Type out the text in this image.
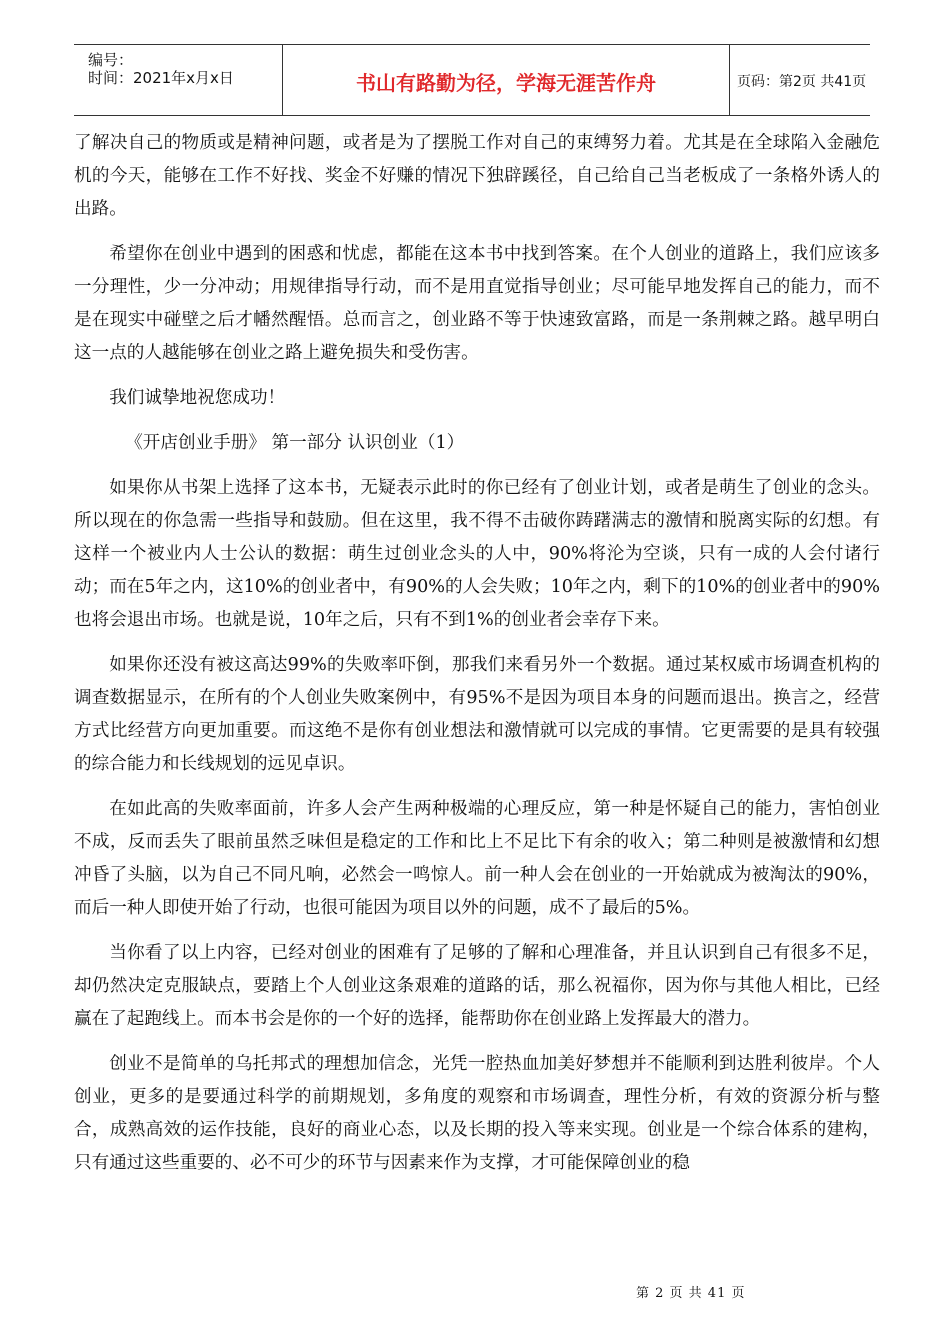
编号：
时间：2021年x月x日	书山有路勤为径，学海无涯苦作舟	页码：第2页 共41页

了解决自己的物质或是精神问题，或者是为了摆脱工作对自己的束缚努力着。尤其是在全球陷入金融危机的今天，能够在工作不好找、奖金不好赚的情况下独辟蹊径，自己给自己当老板成了一条格外诱人的出路。

希望你在创业中遇到的困惑和忧虑，都能在这本书中找到答案。在个人创业的道路上，我们应该多一分理性，少一分冲动；用规律指导行动，而不是用直觉指导创业；尽可能早地发挥自己的能力，而不是在现实中碰壁之后才幡然醒悟。总而言之，创业路不等于快速致富路，而是一条荆棘之路。越早明白这一点的人越能够在创业之路上避免损失和受伤害。

我们诚挚地祝您成功！

《开店创业手册》 第一部分 认识创业（1）

如果你从书架上选择了这本书，无疑表示此时的你已经有了创业计划，或者是萌生了创业的念头。所以现在的你急需一些指导和鼓励。但在这里，我不得不击破你踌躇满志的激情和脱离实际的幻想。有这样一个被业内人士公认的数据：萌生过创业念头的人中，90%将沦为空谈，只有一成的人会付诸行动；而在5年之内，这10%的创业者中，有90%的人会失败；10年之内，剩下的10%的创业者中的90%也将会退出市场。也就是说，10年之后，只有不到1%的创业者会幸存下来。

如果你还没有被这高达99%的失败率吓倒，那我们来看另外一个数据。通过某权威市场调查机构的调查数据显示，在所有的个人创业失败案例中，有95%不是因为项目本身的问题而退出。换言之，经营方式比经营方向更加重要。而这绝不是你有创业想法和激情就可以完成的事情。它更需要的是具有较强的综合能力和长线规划的远见卓识。

在如此高的失败率面前，许多人会产生两种极端的心理反应，第一种是怀疑自己的能力，害怕创业不成，反而丢失了眼前虽然乏味但是稳定的工作和比上不足比下有余的收入；第二种则是被激情和幻想冲昏了头脑，以为自己不同凡响，必然会一鸣惊人。前一种人会在创业的一开始就成为被淘汰的90%，而后一种人即使开始了行动，也很可能因为项目以外的问题，成不了最后的5%。

当你看了以上内容，已经对创业的困难有了足够的了解和心理准备，并且认识到自己有很多不足，却仍然决定克服缺点，要踏上个人创业这条艰难的道路的话，那么祝福你，因为你与其他人相比，已经赢在了起跑线上。而本书会是你的一个好的选择，能帮助你在创业路上发挥最大的潜力。

创业不是简单的乌托邦式的理想加信念，光凭一腔热血加美好梦想并不能顺利到达胜利彼岸。个人创业，更多的是要通过科学的前期规划，多角度的观察和市场调查，理性分析，有效的资源分析与整合，成熟高效的运作技能，良好的商业心态，以及长期的投入等来实现。创业是一个综合体系的建构，只有通过这些重要的、必不可少的环节与因素来作为支撑，才可能保障创业的稳

第 2 页 共 41 页
